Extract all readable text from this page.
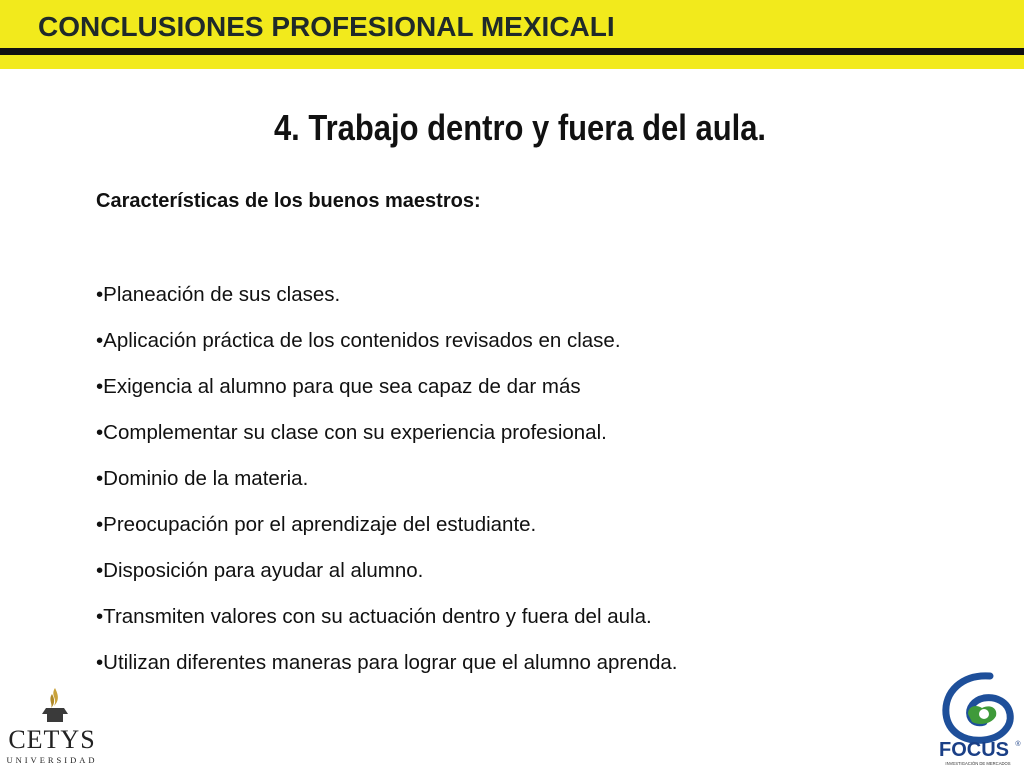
CONCLUSIONES PROFESIONAL MEXICALI
4. Trabajo dentro y fuera del aula.
Características de los buenos maestros:
•Planeación de sus clases.
•Aplicación práctica de los contenidos revisados en clase.
•Exigencia al alumno para que sea capaz de dar más
•Complementar su clase con su experiencia profesional.
•Dominio de la materia.
•Preocupación por el aprendizaje del estudiante.
•Disposición para ayudar al alumno.
•Transmiten valores con su actuación dentro y fuera del aula.
•Utilizan diferentes maneras para lograr que el alumno aprenda.
CETYS
UNIVERSIDAD	FOCUS ®
INVESTIGACIÓN DE MERCADOS
